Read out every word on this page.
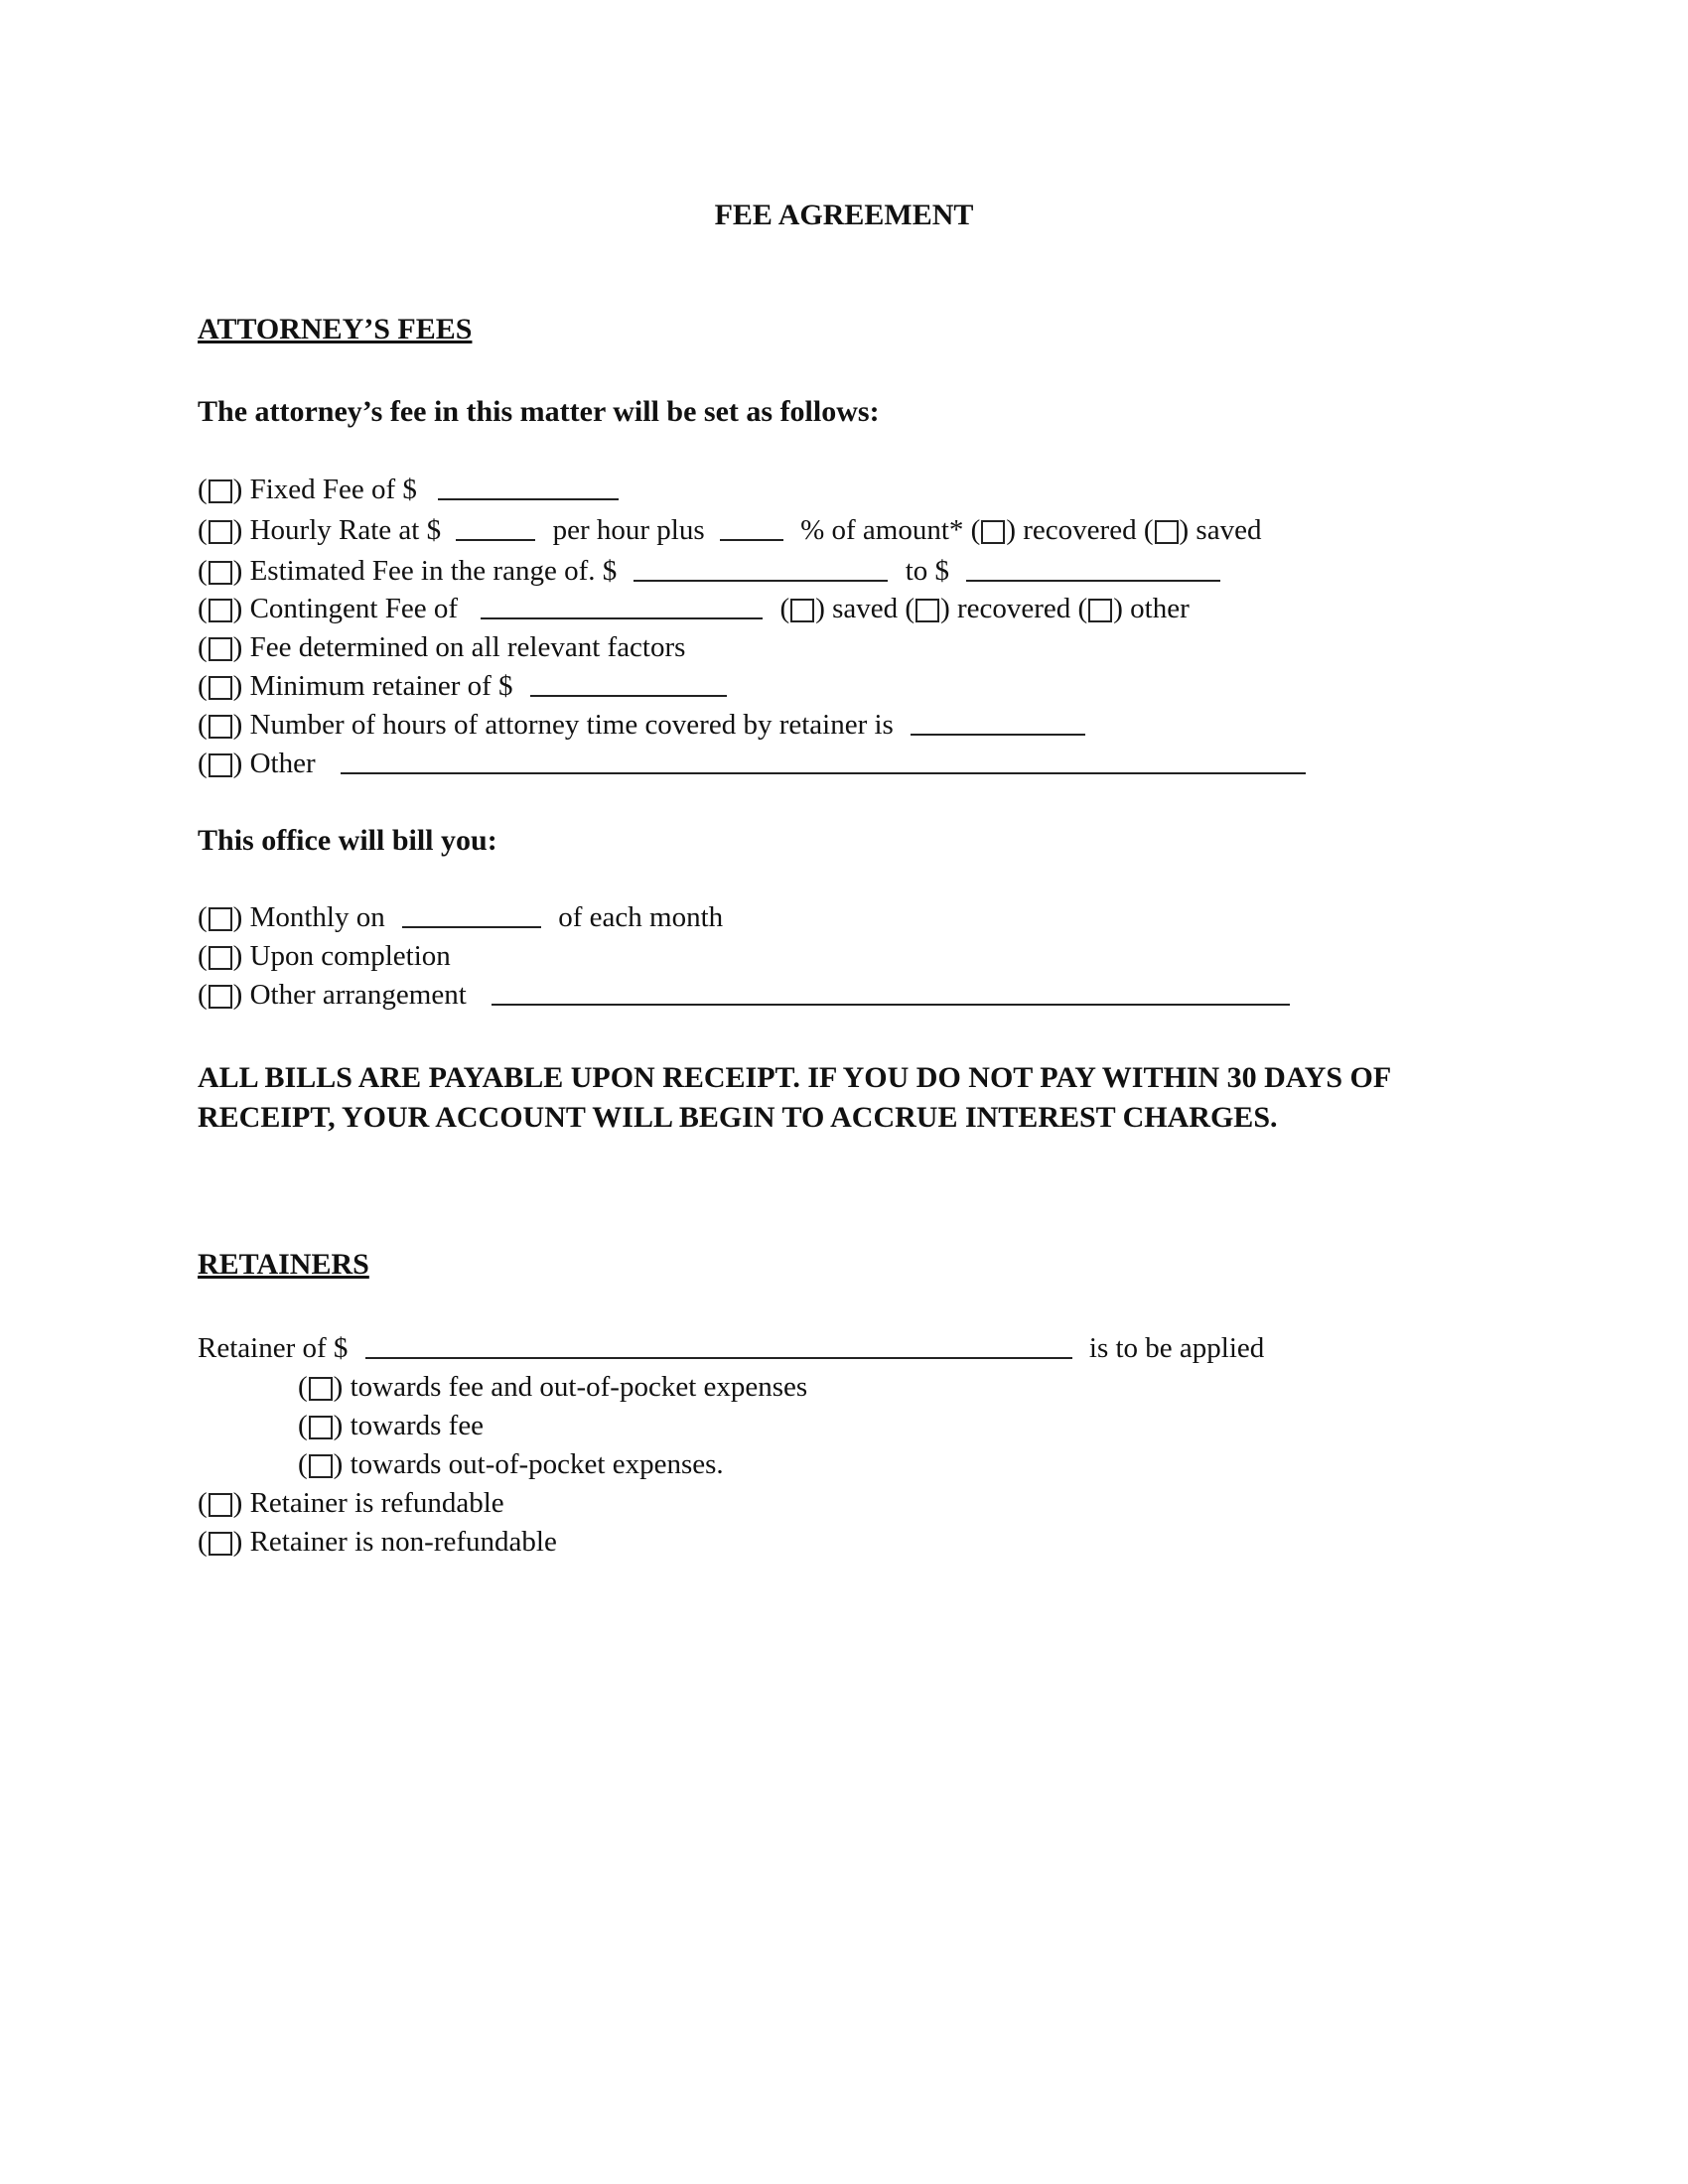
FEE AGREEMENT
ATTORNEY’S FEES
The attorney’s fee in this matter will be set as follows:
( ) Fixed Fee of $
( ) Hourly Rate at $	per hour plus	% of amount* ( ) recovered ( ) saved
( ) Estimated Fee in the range of. $	to $
( ) Contingent Fee of	( ) saved ( ) recovered ( ) other
( ) Fee determined on all relevant factors
( ) Minimum retainer of $
( ) Number of hours of attorney time covered by retainer is
( ) Other
This office will bill you:
( ) Monthly on	of each month
( ) Upon completion
( ) Other arrangement
ALL BILLS ARE PAYABLE UPON RECEIPT. IF YOU DO NOT PAY WITHIN 30 DAYS OF RECEIPT, YOUR ACCOUNT WILL BEGIN TO ACCRUE INTEREST CHARGES.
RETAINERS
Retainer of $	is to be applied
( ) towards fee and out-of-pocket expenses
( ) towards fee
( ) towards out-of-pocket expenses.
( ) Retainer is refundable
( ) Retainer is non-refundable
